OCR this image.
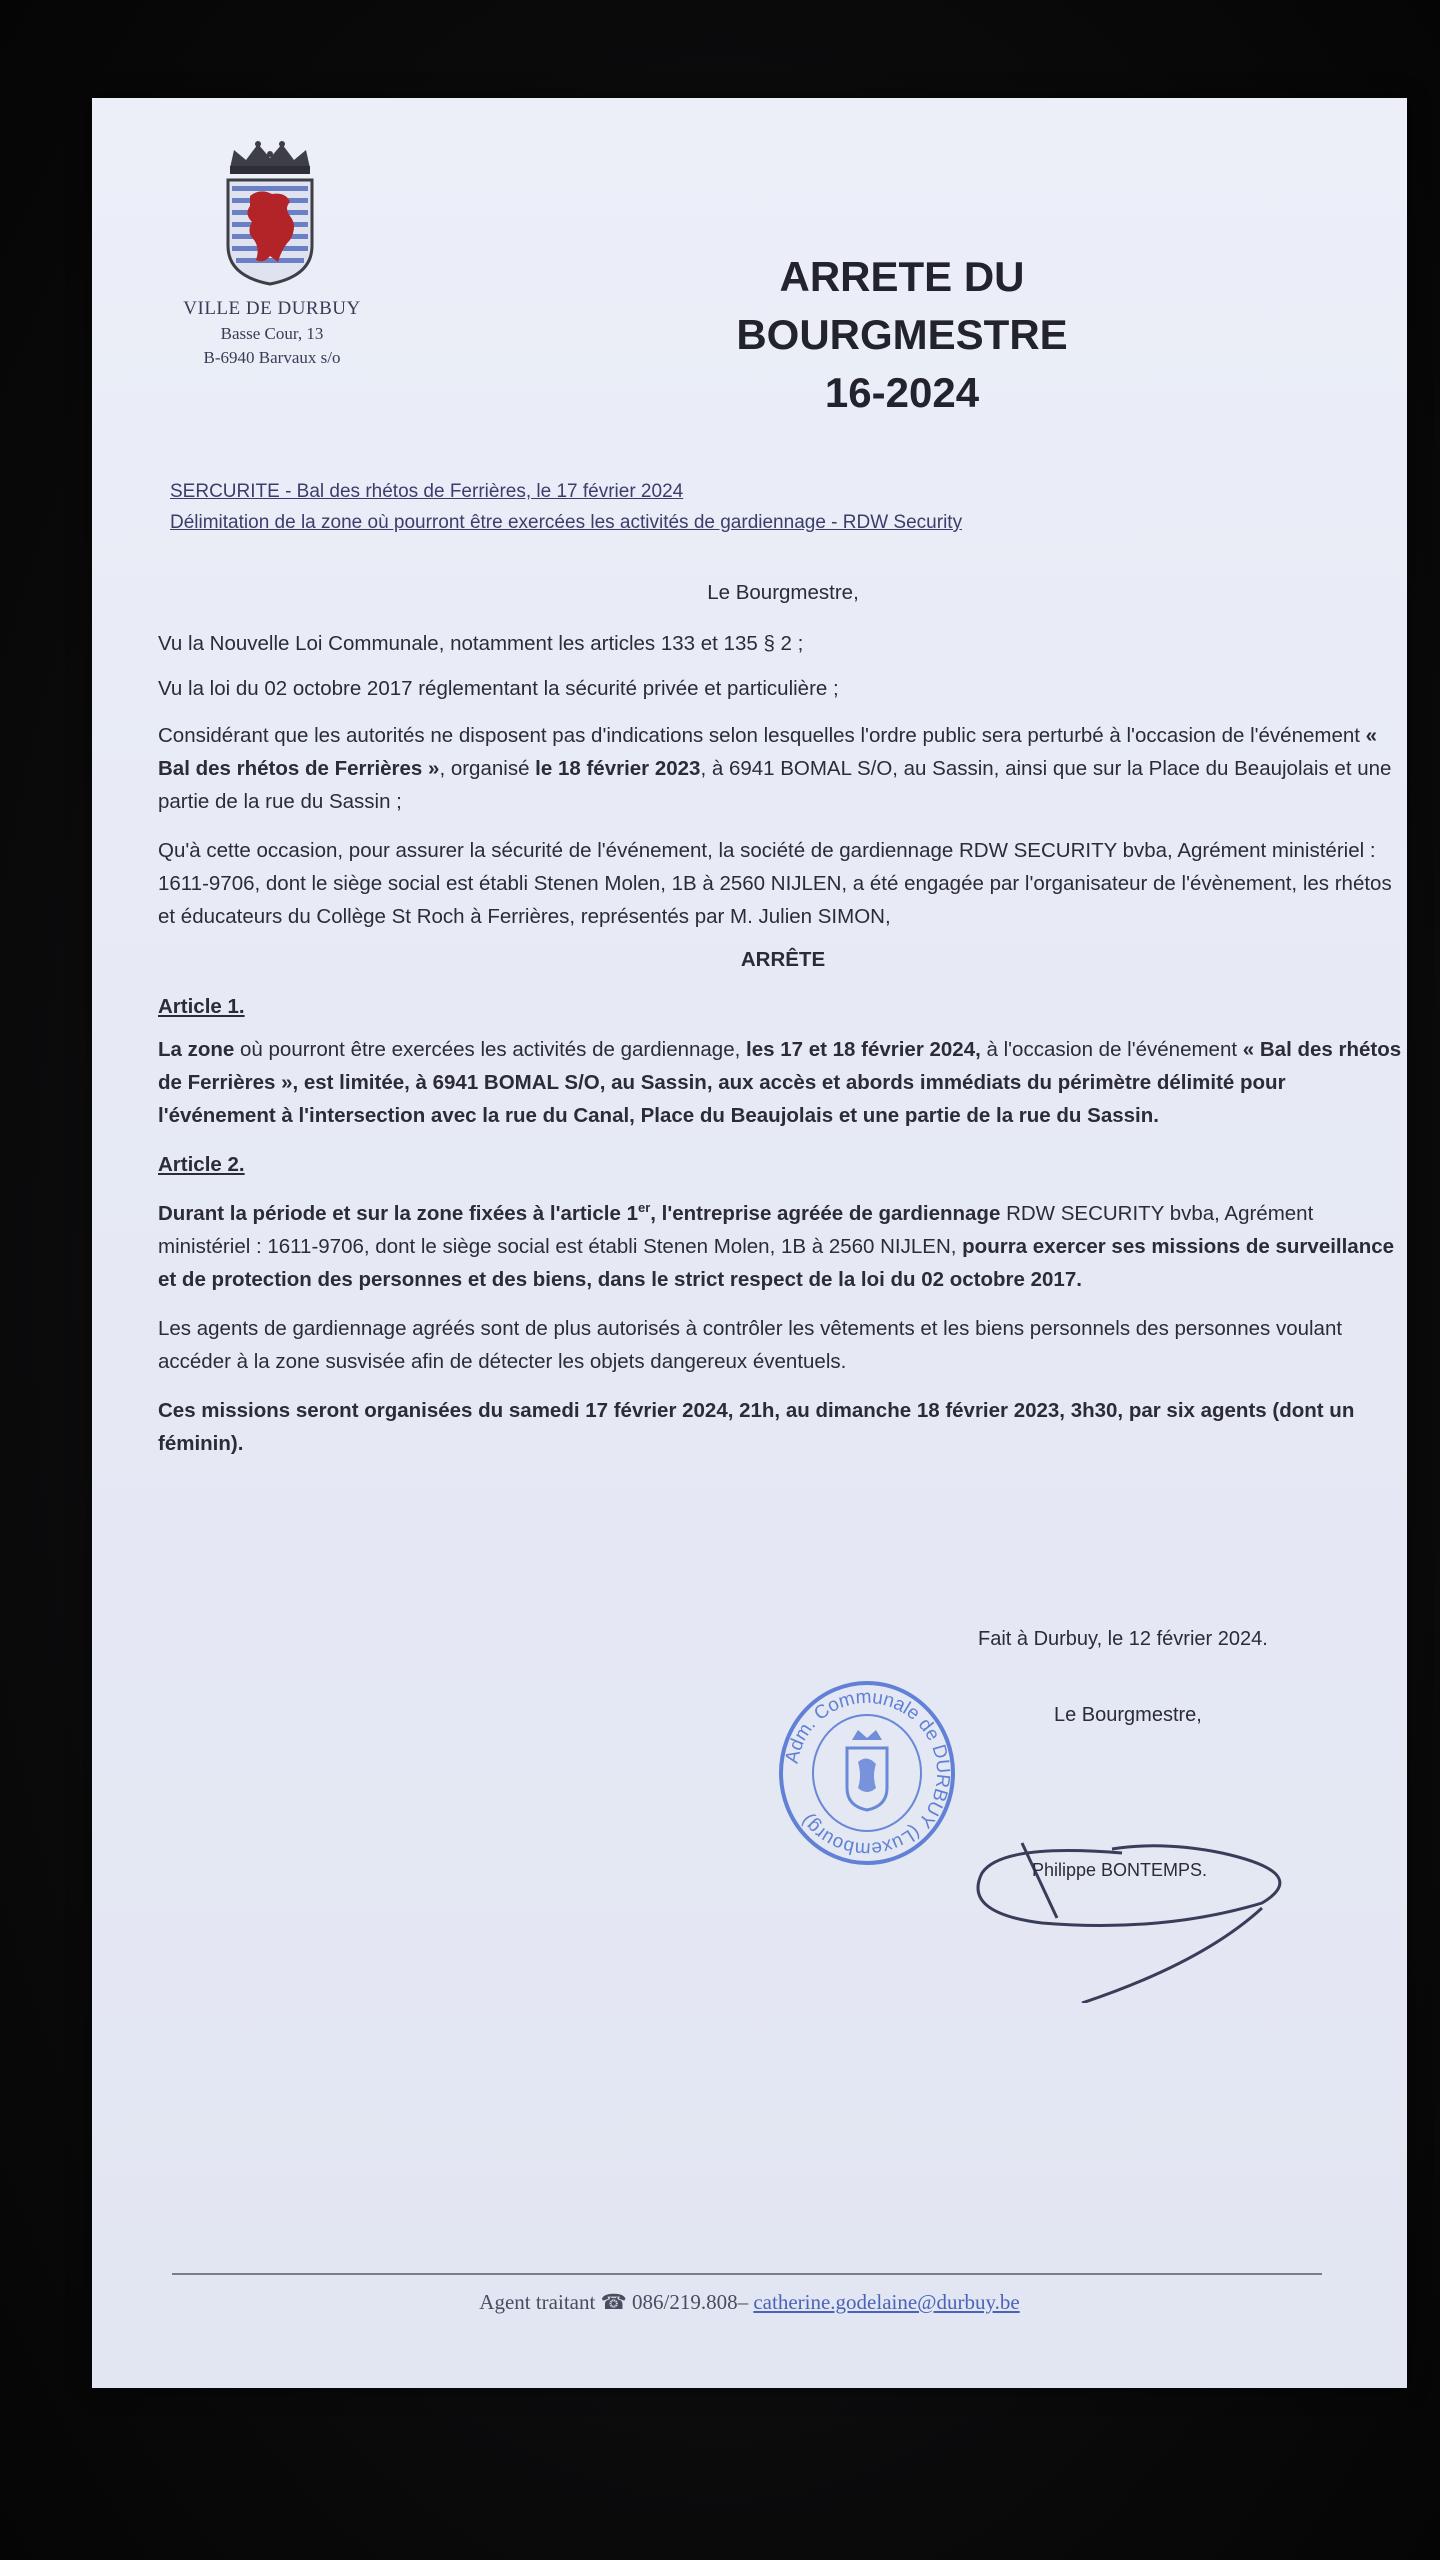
VILLE DE DURBUY
Basse Cour, 13
B-6940 Barvaux s/o
ARRETE DU BOURGMESTRE
16-2024
SERCURITE - Bal des rhétos de Ferrières, le 17 février 2024
Délimitation de la zone où pourront être exercées les activités de gardiennage - RDW Security

Le Bourgmestre,

Vu la Nouvelle Loi Communale, notamment les articles 133 et 135 § 2 ;

Vu la loi du 02 octobre 2017 réglementant la sécurité privée et particulière ;

Considérant que les autorités ne disposent pas d'indications selon lesquelles l'ordre public sera perturbé à l'occasion de l'événement « Bal des rhétos de Ferrières », organisé le 18 février 2023, à 6941 BOMAL S/O, au Sassin, ainsi que sur la Place du Beaujolais et une partie de la rue du Sassin ;

Qu'à cette occasion, pour assurer la sécurité de l'événement, la société de gardiennage RDW SECURITY bvba, Agrément ministériel : 1611-9706, dont le siège social est établi Stenen Molen, 1B à 2560 NIJLEN, a été engagée par l'organisateur de l'évènement, les rhétos et éducateurs du Collège St Roch à Ferrières, représentés par M. Julien SIMON,

ARRÊTE
Article 1.

La zone où pourront être exercées les activités de gardiennage, les 17 et 18 février 2024, à l'occasion de l'événement « Bal des rhétos de Ferrières », est limitée, à 6941 BOMAL S/O, au Sassin, aux accès et abords immédiats du périmètre délimité pour l'événement à l'intersection avec la rue du Canal, Place du Beaujolais et une partie de la rue du Sassin.

Article 2.

Durant la période et sur la zone fixées à l'article 1er, l'entreprise agréée de gardiennage RDW SECURITY bvba, Agrément ministériel : 1611-9706, dont le siège social est établi Stenen Molen, 1B à 2560 NIJLEN, pourra exercer ses missions de surveillance et de protection des personnes et des biens, dans le strict respect de la loi du 02 octobre 2017.

Les agents de gardiennage agréés sont de plus autorisés à contrôler les vêtements et les biens personnels des personnes voulant accéder à la zone susvisée afin de détecter les objets dangereux éventuels.

Ces missions seront organisées du samedi 17 février 2024, 21h, au dimanche 18 février 2023, 3h30, par six agents (dont un féminin).

Adm. Communale de DURBUY (Luxembourg)
Fait à Durbuy, le 12 février 2024.
Le Bourgmestre,
Philippe BONTEMPS.
Agent traitant ☎ 086/219.808– catherine.godelaine@durbuy.be
